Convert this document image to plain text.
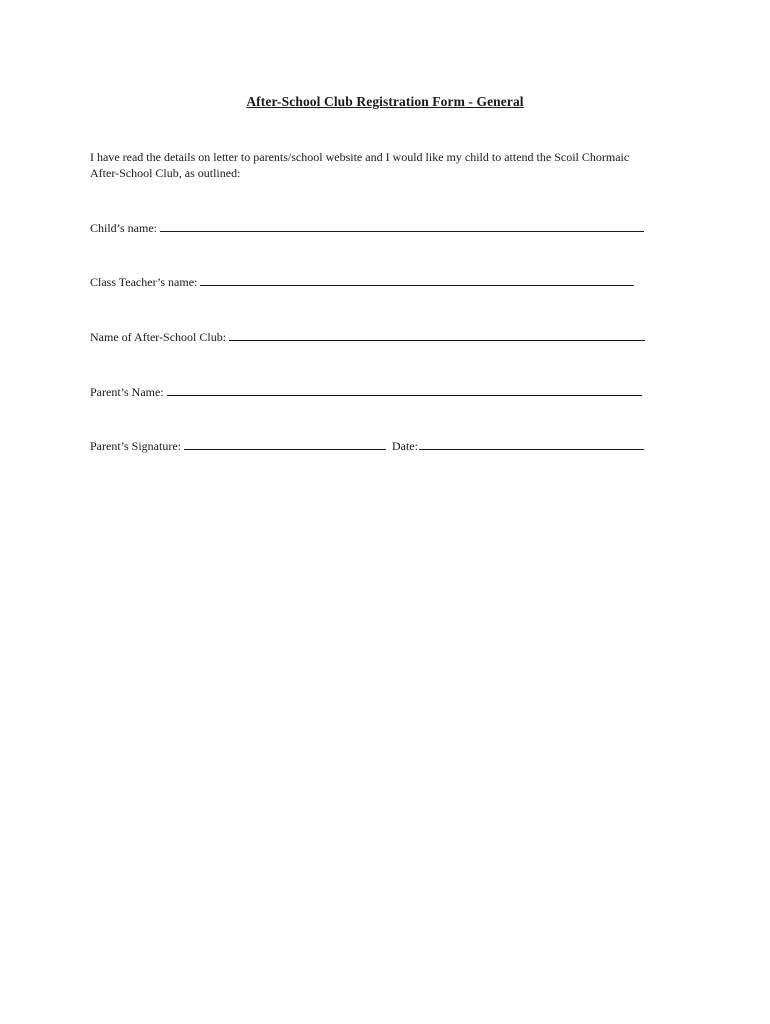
After-School Club Registration Form - General
I have read the details on letter to parents/school website and I would like my child to attend the Scoil Chormaic
After-School Club, as outlined:
Child’s name:
Class Teacher’s name:
Name of After-School Club:
Parent’s Name:
Parent’s Signature:	Date:
